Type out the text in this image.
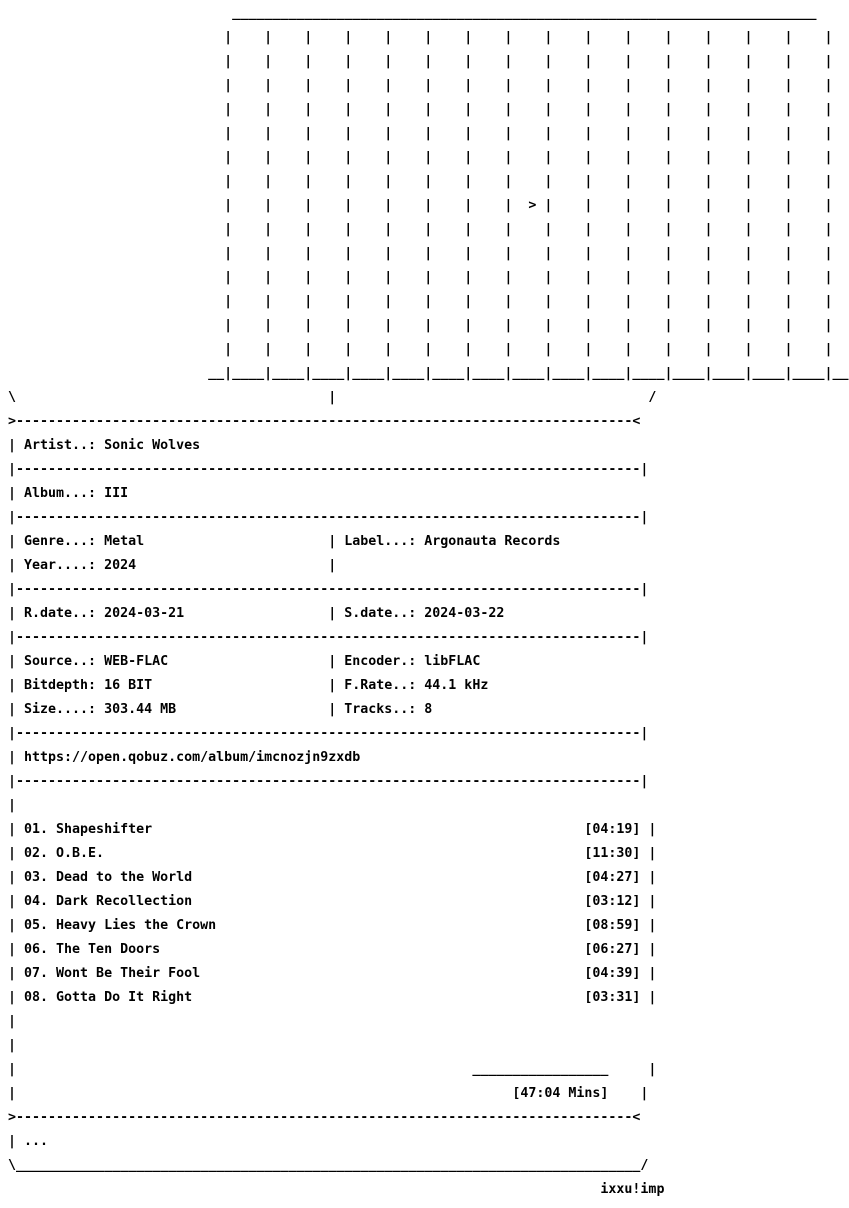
_________________________________________________________________________

|    |    |    |    |    |    |    |    |    |    |    |    |    |    |    |

|    |    |    |    |    |    |    |    |    |    |    |    |    |    |    |

|    |    |    |    |    |    |    |    |    |    |    |    |    |    |    |

|    |    |    |    |    |    |    |    |    |    |    |    |    |    |    |

|    |    |    |    |    |    |    |    |    |    |    |    |    |    |    |

|    |    |    |    |    |    |    |    |    |    |    |    |    |    |    |

|    |    |    |    |    |    |    |    |    |    |    |    |    |    |    |

|    |    |    |    |    |    |    |  > |    |    |    |    |    |    |    |

|    |    |    |    |    |    |    |    |    |    |    |    |    |    |    |

|    |    |    |    |    |    |    |    |    |    |    |    |    |    |    |

|    |    |    |    |    |    |    |    |    |    |    |    |    |    |    |

|    |    |    |    |    |    |    |    |    |    |    |    |    |    |    |

|    |    |    |    |    |    |    |    |    |    |    |    |    |    |    |

|    |    |    |    |    |    |    |    |    |    |    |    |    |    |    |

__|____|____|____|____|____|____|____|____|____|____|____|____|____|____|____|__

\                                       |                                       /

>-----------------------------------------------------------------------------<

| Artist..: Sonic Wolves

|------------------------------------------------------------------------------|

| Album...: III

|------------------------------------------------------------------------------|

| Genre...: Metal                       | Label...: Argonauta Records

| Year....: 2024                        |

|------------------------------------------------------------------------------|

| R.date..: 2024-03-21                  | S.date..: 2024-03-22

|------------------------------------------------------------------------------|

| Source..: WEB-FLAC                    | Encoder.: libFLAC

| Bitdepth: 16 BIT                      | F.Rate..: 44.1 kHz

| Size....: 303.44 MB                   | Tracks..: 8

|------------------------------------------------------------------------------|

| https://open.qobuz.com/album/imcnozjn9zxdb

|------------------------------------------------------------------------------|

|

| 01. Shapeshifter                                                      [04:19] |

| 02. O.B.E.                                                            [11:30] |

| 03. Dead to the World                                                 [04:27] |

| 04. Dark Recollection                                                 [03:12] |

| 05. Heavy Lies the Crown                                              [08:59] |

| 06. The Ten Doors                                                     [06:27] |

| 07. Wont Be Their Fool                                                [04:39] |

| 08. Gotta Do It Right                                                 [03:31] |

|

|

|                                                         _________________     |

|                                                              [47:04 Mins]    |

>-----------------------------------------------------------------------------<

| ...

\______________________________________________________________________________/

ixxu!imp
